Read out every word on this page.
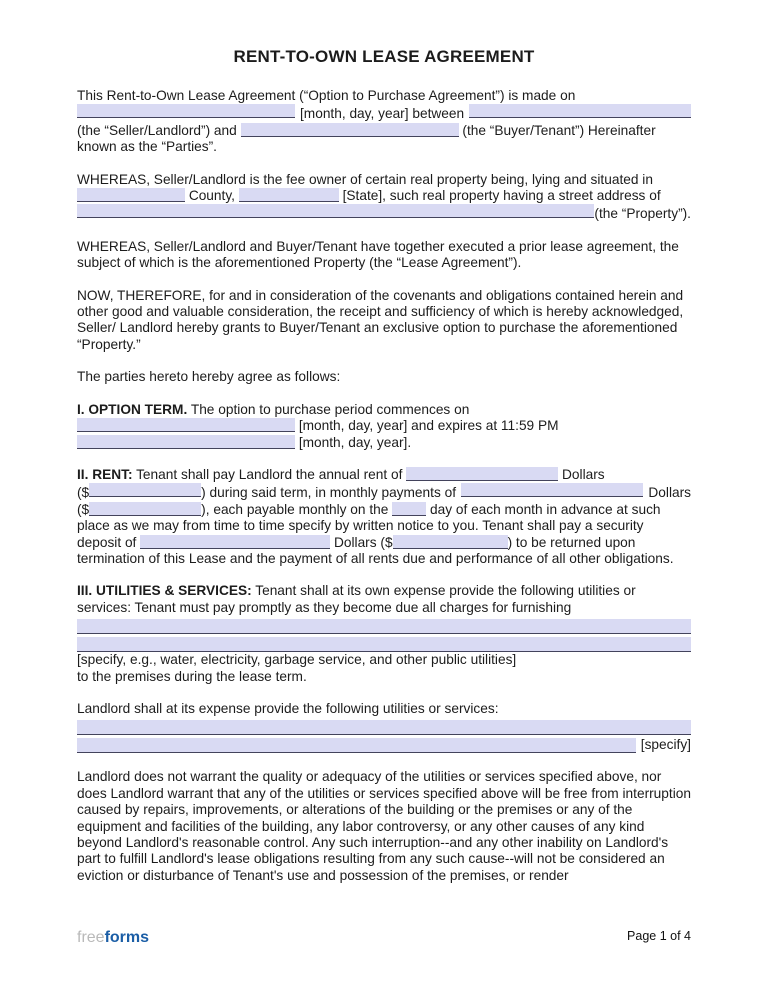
RENT-TO-OWN LEASE AGREEMENT
This Rent-to-Own Lease Agreement (“Option to Purchase Agreement”) is made on
[month, day, year] between
(the “Seller/Landlord”) and	(the “Buyer/Tenant”) Hereinafter
known as the “Parties”.
WHEREAS, Seller/Landlord is the fee owner of certain real property being, lying and situated in
County,	[State], such real property having a street address of
(the “Property”).
WHEREAS, Seller/Landlord and Buyer/Tenant have together executed a prior lease agreement, the subject of which is the aforementioned Property (the “Lease Agreement”).
NOW, THEREFORE, for and in consideration of the covenants and obligations contained herein and other good and valuable consideration, the receipt and sufficiency of which is hereby acknowledged, Seller/ Landlord hereby grants to Buyer/Tenant an exclusive option to purchase the aforementioned “Property.”
The parties hereto hereby agree as follows:
I. OPTION TERM. The option to purchase period commences on
[month, day, year] and expires at 11:59 PM
[month, day, year].
II. RENT: Tenant shall pay Landlord the annual rent of	Dollars
($	) during said term, in monthly payments of	Dollars
($	), each payable monthly on the	day of each month in advance at such
place as we may from time to time specify by written notice to you. Tenant shall pay a security
deposit of	Dollars ($	) to be returned upon
termination of this Lease and the payment of all rents due and performance of all other obligations.
III. UTILITIES & SERVICES: Tenant shall at its own expense provide the following utilities or services: Tenant must pay promptly as they become due all charges for furnishing
[specify, e.g., water, electricity, garbage service, and other public utilities]
to the premises during the lease term.
Landlord shall at its expense provide the following utilities or services:
[specify]
Landlord does not warrant the quality or adequacy of the utilities or services specified above, nor does Landlord warrant that any of the utilities or services specified above will be free from interruption caused by repairs, improvements, or alterations of the building or the premises or any of the equipment and facilities of the building, any labor controversy, or any other causes of any kind beyond Landlord's reasonable control. Any such interruption--and any other inability on Landlord's part to fulfill Landlord's lease obligations resulting from any such cause--will not be considered an eviction or disturbance of Tenant's use and possession of the premises, or render
freeforms	Page 1 of 4
